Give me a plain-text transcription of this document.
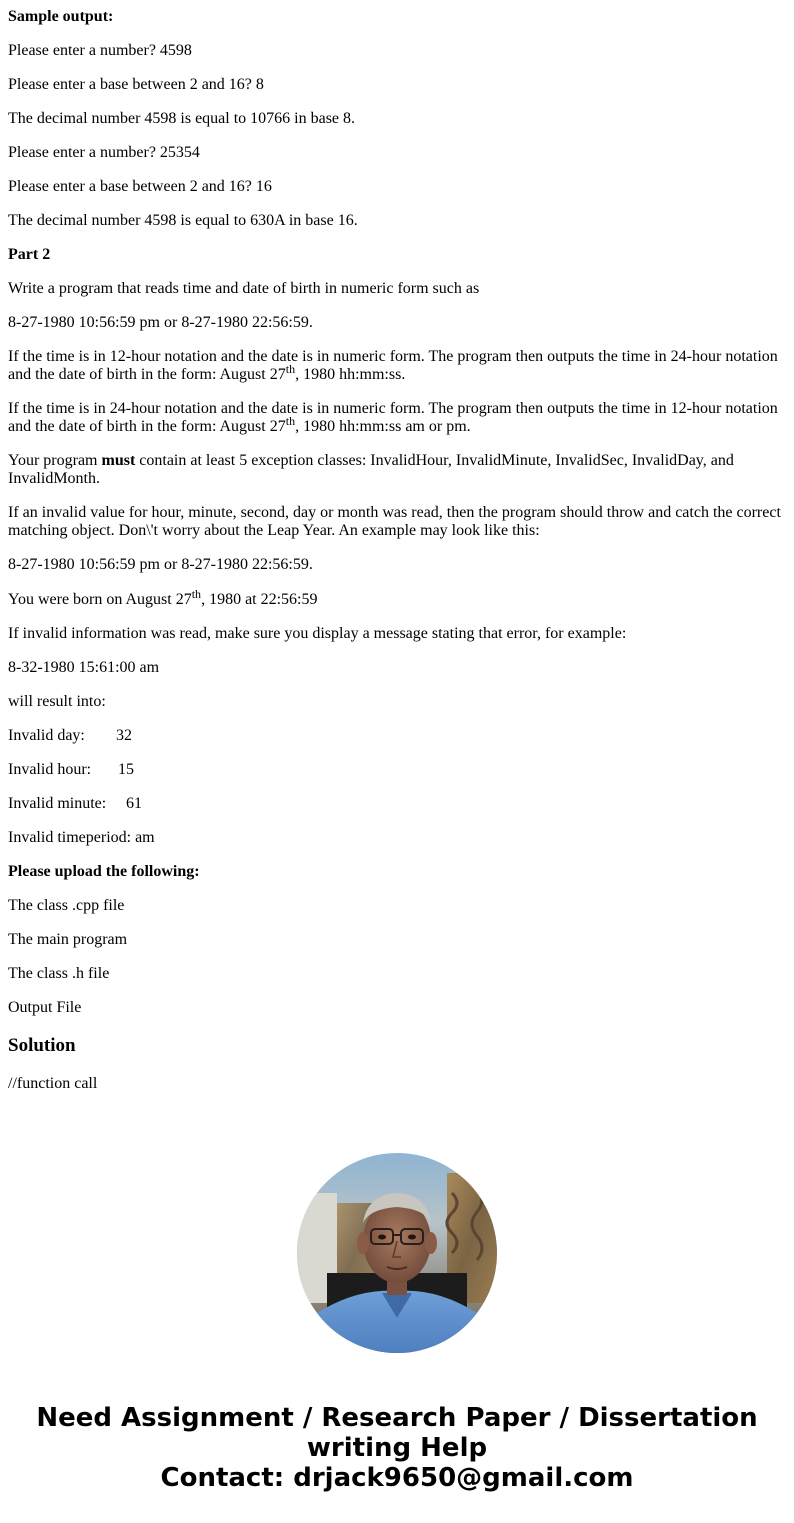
Sample output:

Please enter a number? 4598

Please enter a base between 2 and 16? 8

The decimal number 4598 is equal to 10766 in base 8.

Please enter a number? 25354

Please enter a base between 2 and 16? 16

The decimal number 4598 is equal to 630A in base 16.

Part 2

Write a program that reads time and date of birth in numeric form such as

8-27-1980 10:56:59 pm or 8-27-1980 22:56:59.

If the time is in 12-hour notation and the date is in numeric form. The program then outputs the time in 24-hour notation and the date of birth in the form: August 27th, 1980 hh:mm:ss.

If the time is in 24-hour notation and the date is in numeric form. The program then outputs the time in 12-hour notation and the date of birth in the form: August 27th, 1980 hh:mm:ss am or pm.

Your program must contain at least 5 exception classes: InvalidHour, InvalidMinute, InvalidSec, InvalidDay, and InvalidMonth.

If an invalid value for hour, minute, second, day or month was read, then the program should throw and catch the correct matching object. Don\'t worry about the Leap Year. An example may look like this:

8-27-1980 10:56:59 pm or 8-27-1980 22:56:59.

You were born on August 27th, 1980 at 22:56:59

If invalid information was read, make sure you display a message stating that error, for example:

8-32-1980 15:61:00 am

will result into:

Invalid day: 32

Invalid hour: 15

Invalid minute: 61

Invalid timeperiod: am

Please upload the following:

The class .cpp file

The main program

The class .h file

Output File

Solution

//function call

Need Assignment / Research Paper / Dissertation
writing Help
Contact: drjack9650@gmail.com
